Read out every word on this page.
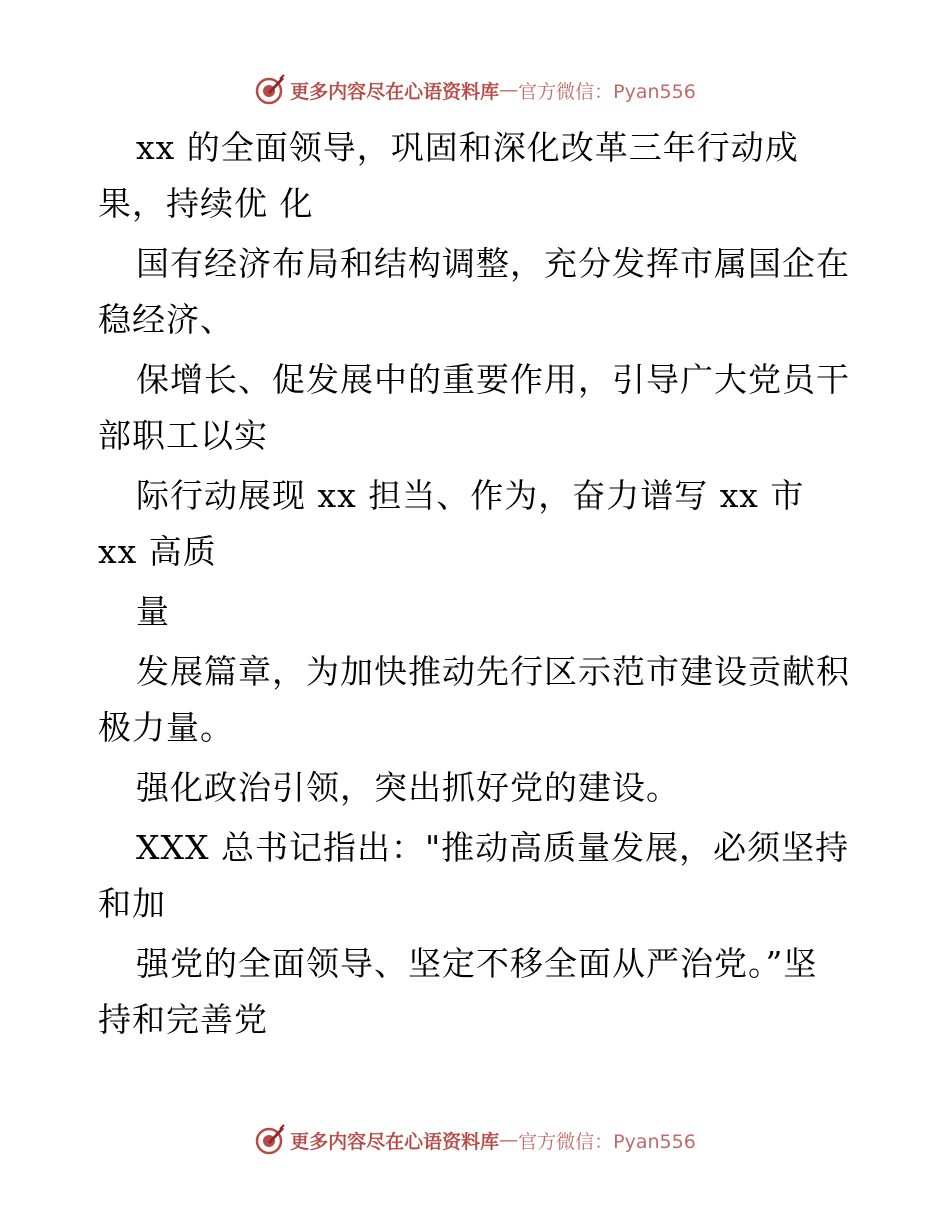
更多内容尽在心语资料库 — 官方微信：Pyan556
xx 的全面领导，巩固和深化改革三年行动成
果，持续优 化
国有经济布局和结构调整，充分发挥市属国企在
稳经济、
保增长、促发展中的重要作用，引导广大党员干
部职工以实
际行动展现 xx 担当、作为，奋力谱写 xx 市
xx 高质
量
发展篇章，为加快推动先行区示范市建设贡献积
极力量。
强化政治引领，突出抓好党的建设。
XXX 总书记指出："推动高质量发展，必须坚持
和加
强党的全面领导、坚定不移全面从严治党。”坚
持和完善党
更多内容尽在心语资料库 — 官方微信：Pyan556
